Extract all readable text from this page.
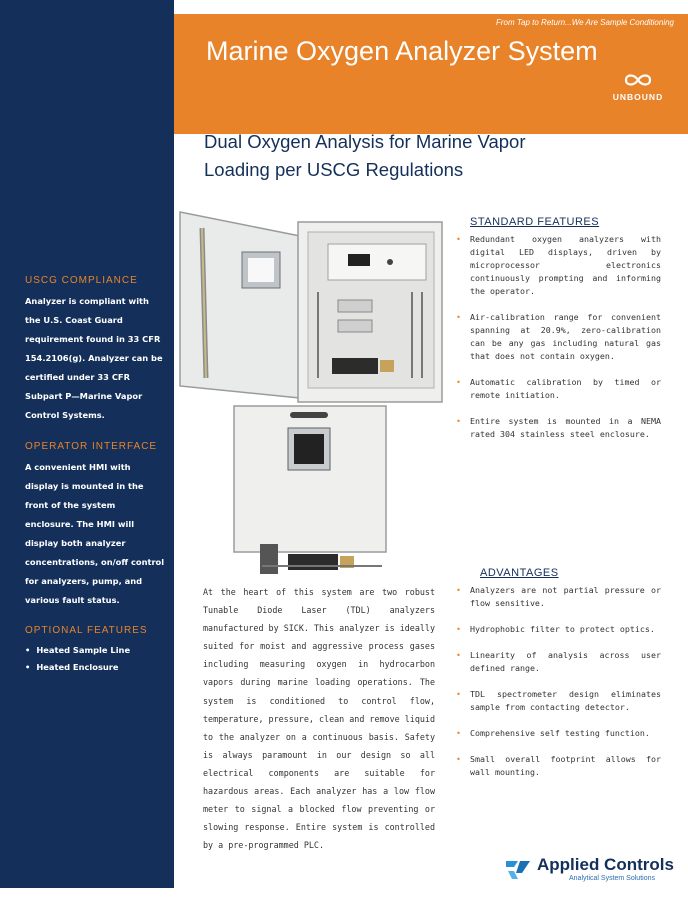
USCG COMPLIANCE
Analyzer is compliant with the U.S. Coast Guard requirement found in 33 CFR 154.2106(g). Analyzer can be certified under 33 CFR Subpart P—Marine Vapor Control Systems.
OPERATOR INTERFACE
A convenient HMI with display is mounted in the front of the system enclosure. The HMI will display both analyzer concentrations, on/off control for analyzers, pump, and various fault status.
OPTIONAL FEATURES
• Heated Sample Line
• Heated Enclosure
From Tap to Return...We Are Sample Conditioning
Marine Oxygen Analyzer System
UNBOUND
Dual Oxygen Analysis for Marine Vapor
Loading per USCG Regulations
STANDARD FEATURES
• Redundant oxygen analyzers with digital LED displays, driven by microprocessor electronics continuously prompting and informing the operator.
• Air-calibration range for convenient spanning at 20.9%, zero-calibration can be any gas including natural gas that does not contain oxygen.
• Automatic calibration by timed or remote initiation.
• Entire system is mounted in a NEMA rated 304 stainless steel enclosure.
ADVANTAGES
• Analyzers are not partial pressure or flow sensitive.
• Hydrophobic filter to protect optics.
• Linearity of analysis across user defined range.
• TDL spectrometer design eliminates sample from contacting detector.
• Comprehensive self testing function.
• Small overall footprint allows for wall mounting.
At the heart of this system are two robust Tunable Diode Laser (TDL) analyzers manufactured by SICK. This analyzer is ideally suited for moist and aggressive process gases including measuring oxygen in hydrocarbon vapors during marine loading operations. The system is conditioned to control flow, temperature, pressure, clean and remove liquid to the analyzer on a continuous basis. Safety is always paramount in our design so all electrical components are suitable for hazardous areas. Each analyzer has a low flow meter to signal a blocked flow preventing or slowing response. Entire system is controlled by a pre-programmed PLC.
Applied Controls
Analytical System Solutions
